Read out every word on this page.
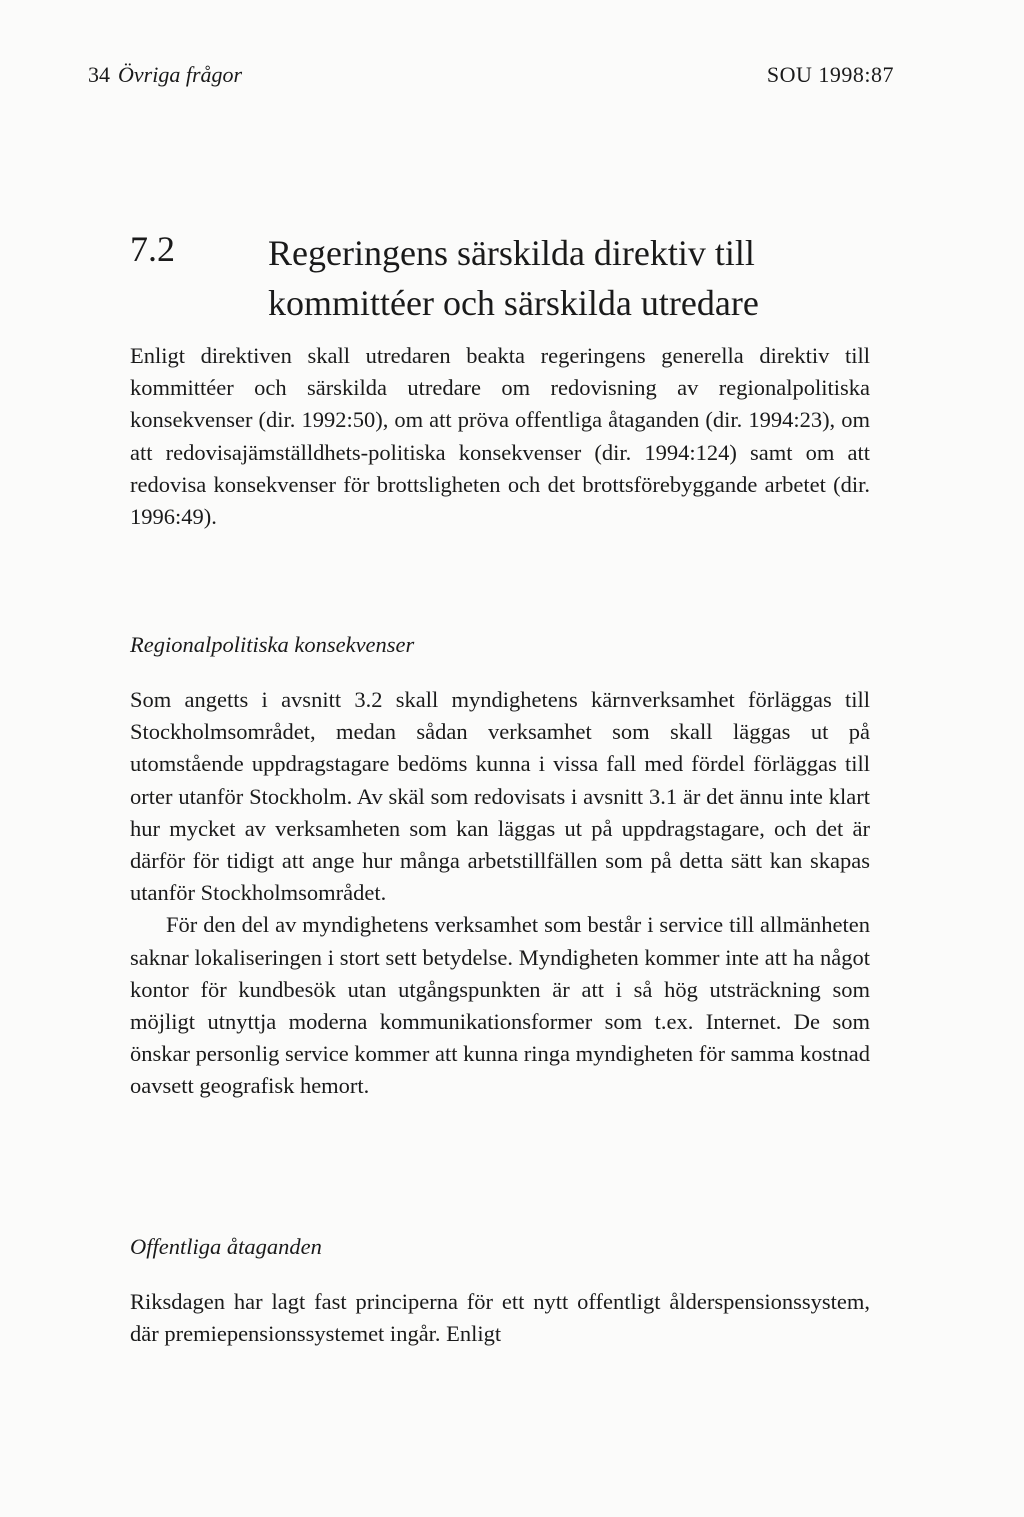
34 Övriga frågor	SOU 1998:87
7.2	Regeringens särskilda direktiv till kommittéer och särskilda utredare

Enligt direktiven skall utredaren beakta regeringens generella direktiv till kommittéer och särskilda utredare om redovisning av regionalpolitiska konsekvenser (dir. 1992:50), om att pröva offentliga åtaganden (dir. 1994:23), om att redovisajämställdhets-politiska konsekvenser (dir. 1994:124) samt om att redovisa konsekvenser för brottsligheten och det brottsförebyggande arbetet (dir. 1996:49).

Regionalpolitiska konsekvenser

Som angetts i avsnitt 3.2 skall myndighetens kärnverksamhet förläggas till Stockholmsområdet, medan sådan verksamhet som skall läggas ut på utomstående uppdragstagare bedöms kunna i vissa fall med fördel förläggas till orter utanför Stockholm. Av skäl som redovisats i avsnitt 3.1 är det ännu inte klart hur mycket av verksamheten som kan läggas ut på uppdragstagare, och det är därför för tidigt att ange hur många arbetstillfällen som på detta sätt kan skapas utanför Stockholmsområdet.

För den del av myndighetens verksamhet som består i service till allmänheten saknar lokaliseringen i stort sett betydelse. Myndigheten kommer inte att ha något kontor för kundbesök utan utgångspunkten är att i så hög utsträckning som möjligt utnyttja moderna kommunikationsformer som t.ex. Internet. De som önskar personlig service kommer att kunna ringa myndigheten för samma kostnad oavsett geografisk hemort.

Offentliga åtaganden

Riksdagen har lagt fast principerna för ett nytt offentligt ålderspensionssystem, där premiepensionssystemet ingår. Enligt
